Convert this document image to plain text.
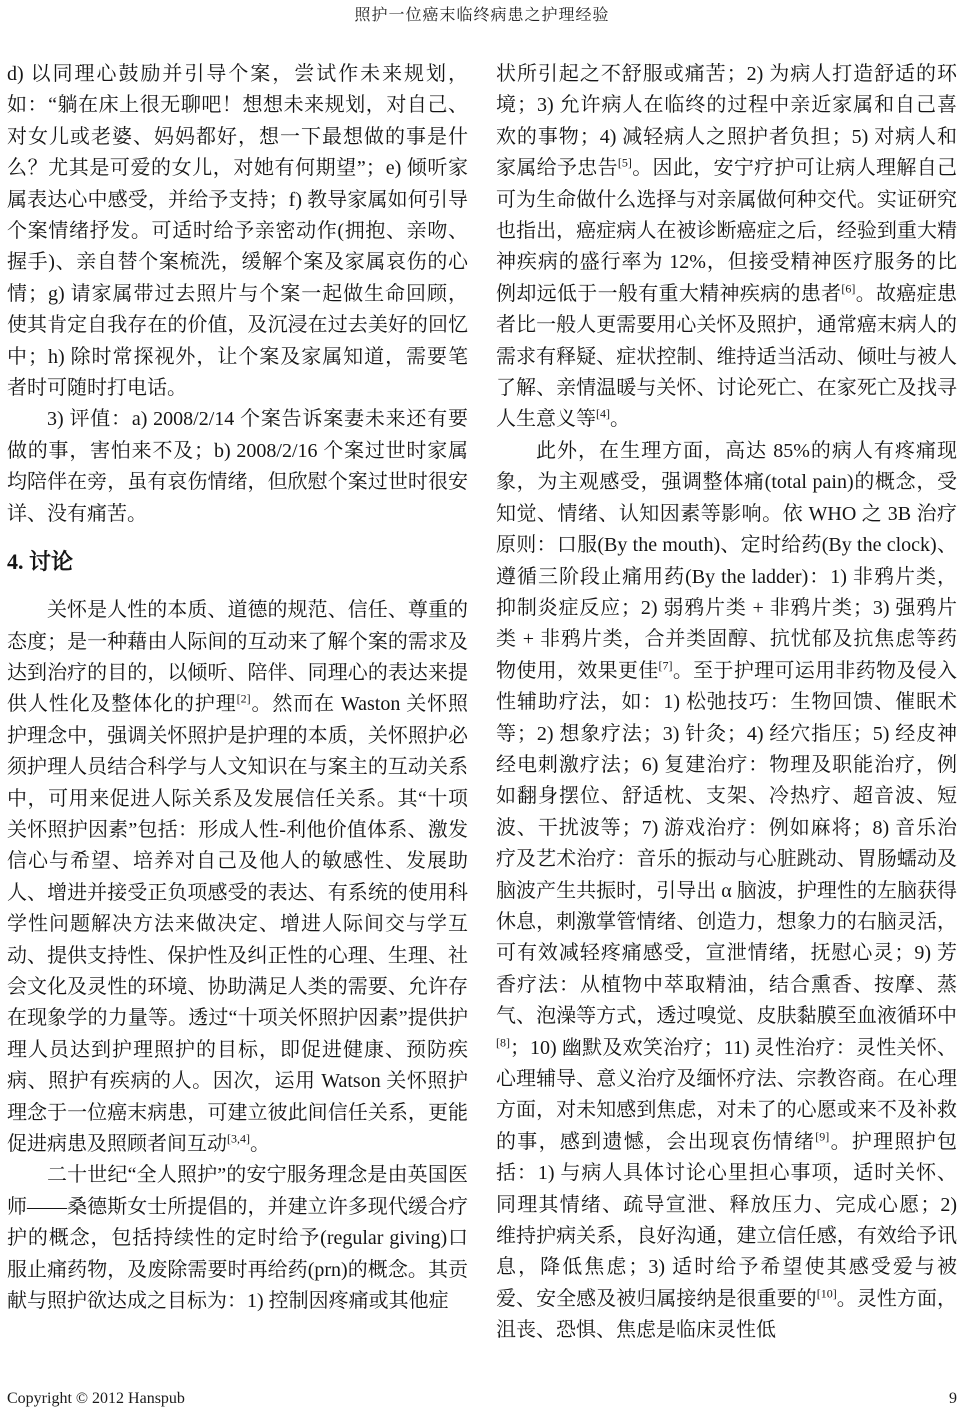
照护一位癌末临终病患之护理经验

d) 以同理心鼓励并引导个案，尝试作未来规划，如：“躺在床上很无聊吧！想想未来规划，对自己、对女儿或老婆、妈妈都好，想一下最想做的事是什么？尤其是可爱的女儿，对她有何期望”；e) 倾听家属表达心中感受，并给予支持；f) 教导家属如何引导个案情绪抒发。可适时给予亲密动作(拥抱、亲吻、握手)、亲自替个案梳洗，缓解个案及家属哀伤的心情；g) 请家属带过去照片与个案一起做生命回顾，使其肯定自我存在的价值，及沉浸在过去美好的回忆中；h) 除时常探视外，让个案及家属知道，需要笔者时可随时打电话。

3) 评值：a) 2008/2/14 个案告诉案妻未来还有要做的事，害怕来不及；b) 2008/2/16 个案过世时家属均陪伴在旁，虽有哀伤情绪，但欣慰个案过世时很安详、没有痛苦。

4. 讨论

关怀是人性的本质、道德的规范、信任、尊重的态度；是一种藉由人际间的互动来了解个案的需求及达到治疗的目的，以倾听、陪伴、同理心的表达来提供人性化及整体化的护理[2]。然而在 Waston 关怀照护理念中，强调关怀照护是护理的本质，关怀照护必须护理人员结合科学与人文知识在与案主的互动关系中，可用来促进人际关系及发展信任关系。其“十项关怀照护因素”包括：形成人性-利他价值体系、激发信心与希望、培养对自己及他人的敏感性、发展助人、增进并接受正负项感受的表达、有系统的使用科学性问题解决方法来做决定、增进人际间交与学互动、提供支持性、保护性及纠正性的心理、生理、社会文化及灵性的环境、协助满足人类的需要、允许存在现象学的力量等。透过“十项关怀照护因素”提供护理人员达到护理照护的目标，即促进健康、预防疾病、照护有疾病的人。因次，运用 Watson 关怀照护理念于一位癌末病患，可建立彼此间信任关系，更能促进病患及照顾者间互动[3,4]。

二十世纪“全人照护”的安宁服务理念是由英国医师——桑德斯女士所提倡的，并建立许多现代缓合疗护的概念，包括持续性的定时给予(regular giving)口服止痛药物，及废除需要时再给药(prn)的概念。其贡献与照护欲达成之目标为：1) 控制因疼痛或其他症

状所引起之不舒服或痛苦；2) 为病人打造舒适的环境；3) 允许病人在临终的过程中亲近家属和自己喜欢的事物；4) 减轻病人之照护者负担；5) 对病人和家属给予忠告[5]。因此，安宁疗护可让病人理解自己可为生命做什么选择与对亲属做何种交代。实证研究也指出，癌症病人在被诊断癌症之后，经验到重大精神疾病的盛行率为 12%，但接受精神医疗服务的比例却远低于一般有重大精神疾病的患者[6]。故癌症患者比一般人更需要用心关怀及照护，通常癌末病人的需求有释疑、症状控制、维持适当活动、倾吐与被人了解、亲情温暖与关怀、讨论死亡、在家死亡及找寻人生意义等[4]。

此外，在生理方面，高达 85%的病人有疼痛现象，为主观感受，强调整体痛(total pain)的概念，受知觉、情绪、认知因素等影响。依 WHO 之 3B 治疗原则：口服(By the mouth)、定时给药(By the clock)、遵循三阶段止痛用药(By the ladder)：1) 非鸦片类，抑制炎症反应；2) 弱鸦片类 + 非鸦片类；3) 强鸦片类 + 非鸦片类，合并类固醇、抗忧郁及抗焦虑等药物使用，效果更佳[7]。至于护理可运用非药物及侵入性辅助疗法，如：1) 松弛技巧：生物回馈、催眠术等；2) 想象疗法；3) 针灸；4) 经穴指压；5) 经皮神经电刺激疗法；6) 复建治疗：物理及职能治疗，例如翻身摆位、舒适枕、支架、冷热疗、超音波、短波、干扰波等；7) 游戏治疗：例如麻将；8) 音乐治疗及艺术治疗：音乐的振动与心脏跳动、胃肠蠕动及脑波产生共振时，引导出 α 脑波，护理性的左脑获得休息，刺激掌管情绪、创造力，想象力的右脑灵活，可有效减轻疼痛感受，宣泄情绪，抚慰心灵；9) 芳香疗法：从植物中萃取精油，结合熏香、按摩、蒸气、泡澡等方式，透过嗅觉、皮肤黏膜至血液循环中[8]；10) 幽默及欢笑治疗；11) 灵性治疗：灵性关怀、心理辅导、意义治疗及缅怀疗法、宗教咨商。在心理方面，对未知感到焦虑，对未了的心愿或来不及补救的事，感到遗憾，会出现哀伤情绪[9]。护理照护包括：1) 与病人具体讨论心里担心事项，适时关怀、同理其情绪、疏导宣泄、释放压力、完成心愿；2) 维持护病关系，良好沟通，建立信任感，有效给予讯息，降低焦虑；3) 适时给予希望使其感受爱与被爱、安全感及被归属接纳是很重要的[10]。灵性方面，沮丧、恐惧、焦虑是临床灵性低

Copyright © 2012 Hanspub	9
